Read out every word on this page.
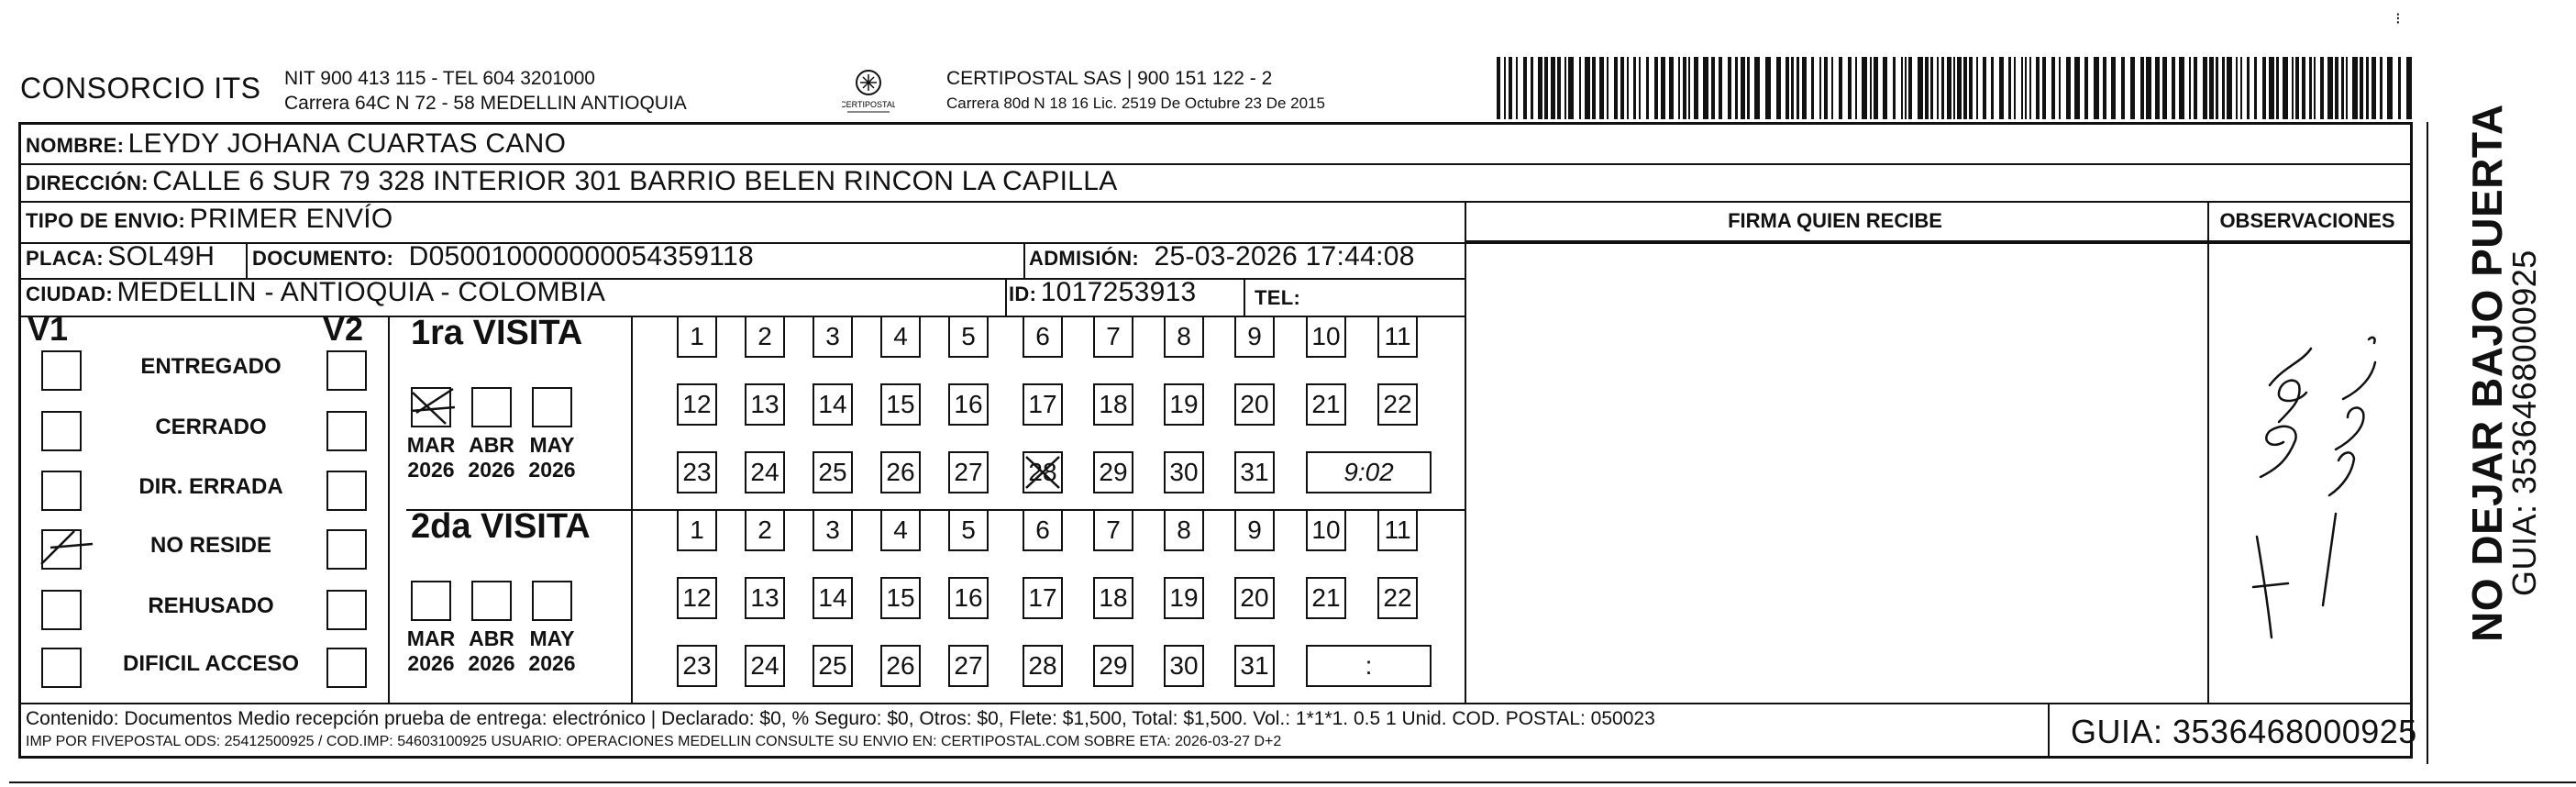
CONSORCIO ITS NIT 900 413 115 - TEL 604 3201000
Carrera 64C N 72 - 58 MEDELLIN ANTIOQUIA	CERTIPOSTAL
CERTIPOSTAL SAS | 900 151 122 - 2
Carrera 80d N 18 16 Lic. 2519 De Octubre 23 De 2015
⁝
NOMBRE: LEYDY JOHANA CUARTAS CANO
DIRECCIÓN: CALLE 6 SUR 79 328 INTERIOR 301 BARRIO BELEN RINCON LA CAPILLA
TIPO DE ENVIO: PRIMER ENVÍO
PLACA: SOL49H DOCUMENTO: D050010000000054359118	ADMISIÓN: 25-03-2026 17:44:08
CIUDAD: MEDELLIN - ANTIOQUIA - COLOMBIA	ID: 1017253913	TEL:
FIRMA QUIEN RECIBE	OBSERVACIONES
V1	V2
ENTREGADO
CERRADO
DIR. ERRADA
NO RESIDE
REHUSADO
DIFICIL ACCESO
1ra VISITA
MAR
2026
ABR
2026
MAY
2026
1	2	3	4	5	6	7	8	9	10 11
12 13 14 15 16 17 18 19 20 21 22
23 24 25 26 27 28 29 30 31	9:02
2da VISITA
MAR
2026
ABR
2026
MAY
2026
1	2	3	4	5	6	7	8	9	10 11
12 13 14 15 16 17 18 19 20 21 22
23 24 25 26 27 28 29 30 31	:
NO DEJAR BAJO PUERTA
GUIA: 3536468000925
Contenido: Documentos Medio recepción prueba de entrega: electrónico | Declarado: $0, % Seguro: $0, Otros: $0, Flete: $1,500, Total: $1,500. Vol.: 1*1*1. 0.5 1 Unid. COD. POSTAL: 050023
IMP POR FIVEPOSTAL ODS: 25412500925 / COD.IMP: 54603100925 USUARIO: OPERACIONES MEDELLIN CONSULTE SU ENVIO EN: CERTIPOSTAL.COM SOBRE ETA: 2026-03-27 D+2	GUIA: 3536468000925
